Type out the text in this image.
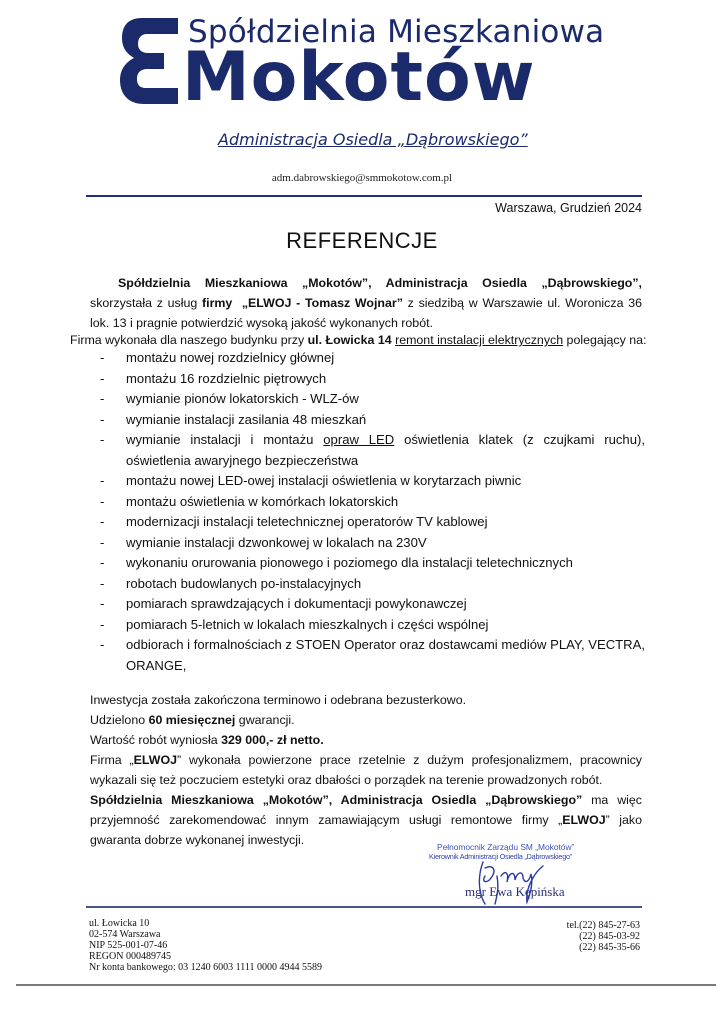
Spółdzielnia Mieszkaniowa
Mokotów
Administracja Osiedla „Dąbrowskiego”
adm.dabrowskiego@smmokotow.com.pl
Warszawa, Grudzień 2024
REFERENCJE
Spółdzielnia Mieszkaniowa „Mokotów”, Administracja Osiedla „Dąbrowskiego”, skorzystała z usług firmy „ELWOJ - Tomasz Wojnar” z siedzibą w Warszawie ul. Woronicza 36 lok. 13 i pragnie potwierdzić wysoką jakość wykonanych robót.
Firma wykonała dla naszego budynku przy ul. Łowicka 14 remont instalacji elektrycznych polegający na:
-	montażu nowej rozdzielnicy głównej
-	montażu 16 rozdzielnic piętrowych
-	wymianie pionów lokatorskich - WLZ-ów
-	wymianie instalacji zasilania 48 mieszkań
-	wymianie instalacji i montażu opraw LED oświetlenia klatek (z czujkami ruchu), oświetlenia awaryjnego bezpieczeństwa
-	montażu nowej LED-owej instalacji oświetlenia w korytarzach piwnic
-	montażu oświetlenia w komórkach lokatorskich
-	modernizacji instalacji teletechnicznej operatorów TV kablowej
-	wymianie instalacji dzwonkowej w lokalach na 230V
-	wykonaniu orurowania pionowego i poziomego dla instalacji teletechnicznych
-	robotach budowlanych po-instalacyjnych
-	pomiarach sprawdzających i dokumentacji powykonawczej
-	pomiarach 5-letnich w lokalach mieszkalnych i części wspólnej
-	odbiorach i formalnościach z STOEN Operator oraz dostawcami mediów PLAY, VECTRA, ORANGE,

Inwestycja została zakończona terminowo i odebrana bezusterkowo.

Udzielono 60 miesięcznej gwarancji.

Wartość robót wyniosła 329 000,- zł netto.

Firma „ELWOJ” wykonała powierzone prace rzetelnie z dużym profesjonalizmem, pracownicy wykazali się też poczuciem estetyki oraz dbałości o porządek na terenie prowadzonych robót.

Spółdzielnia Mieszkaniowa „Mokotów”, Administracja Osiedla „Dąbrowskiego” ma więc przyjemność zarekomendować innym zamawiającym usługi remontowe firmy „ELWOJ” jako gwaranta dobrze wykonanej inwestycji.	Pełnomocnik Zarządu SM „Mokotów”
Kierownik Administracji Osiedla „Dąbrowskiego”
mgr Ewa Kępińska
ul. Łowicka 10
02-574 Warszawa
NIP 525-001-07-46
REGON 000489745
Nr konta bankowego: 03 1240 6003 1111 0000 4944 5589
tel.(22) 845-27-63
(22) 845-03-92
(22) 845-35-66
